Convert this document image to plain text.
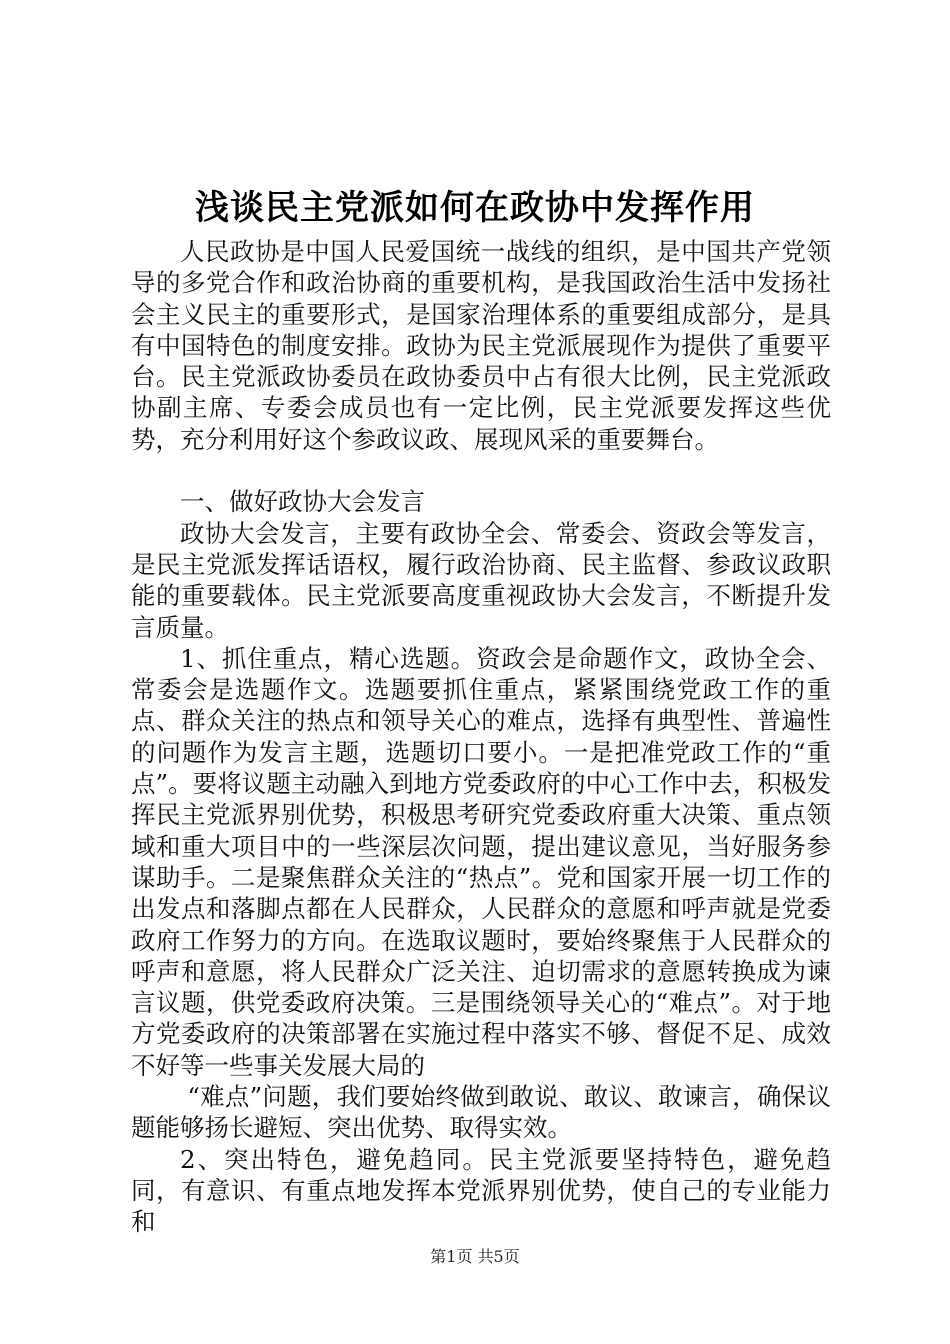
浅谈民主党派如何在政协中发挥作用

人民政协是中国人民爱国统一战线的组织，是中国共产党领导的多党合作和政治协商的重要机构，是我国政治生活中发扬社会主义民主的重要形式，是国家治理体系的重要组成部分，是具有中国特色的制度安排。政协为民主党派展现作为提供了重要平台。民主党派政协委员在政协委员中占有很大比例，民主党派政协副主席、专委会成员也有一定比例，民主党派要发挥这些优势，充分利用好这个参政议政、展现风采的重要舞台。

一、做好政协大会发言

政协大会发言，主要有政协全会、常委会、资政会等发言，是民主党派发挥话语权，履行政治协商、民主监督、参政议政职能的重要载体。民主党派要高度重视政协大会发言，不断提升发言质量。

1、抓住重点，精心选题。资政会是命题作文，政协全会、常委会是选题作文。选题要抓住重点，紧紧围绕党政工作的重点、群众关注的热点和领导关心的难点，选择有典型性、普遍性的问题作为发言主题，选题切口要小。一是把准党政工作的“重点”。要将议题主动融入到地方党委政府的中心工作中去，积极发挥民主党派界别优势，积极思考研究党委政府重大决策、重点领域和重大项目中的一些深层次问题，提出建议意见，当好服务参谋助手。二是聚焦群众关注的“热点”。党和国家开展一切工作的出发点和落脚点都在人民群众，人民群众的意愿和呼声就是党委政府工作努力的方向。在选取议题时，要始终聚焦于人民群众的呼声和意愿，将人民群众广泛关注、迫切需求的意愿转换成为谏言议题，供党委政府决策。三是围绕领导关心的“难点”。对于地方党委政府的决策部署在实施过程中落实不够、督促不足、成效不好等一些事关发展大局的

“难点”问题，我们要始终做到敢说、敢议、敢谏言，确保议题能够扬长避短、突出优势、取得实效。

2、突出特色，避免趋同。民主党派要坚持特色，避免趋同，有意识、有重点地发挥本党派界别优势，使自己的专业能力和

第1页 共5页
